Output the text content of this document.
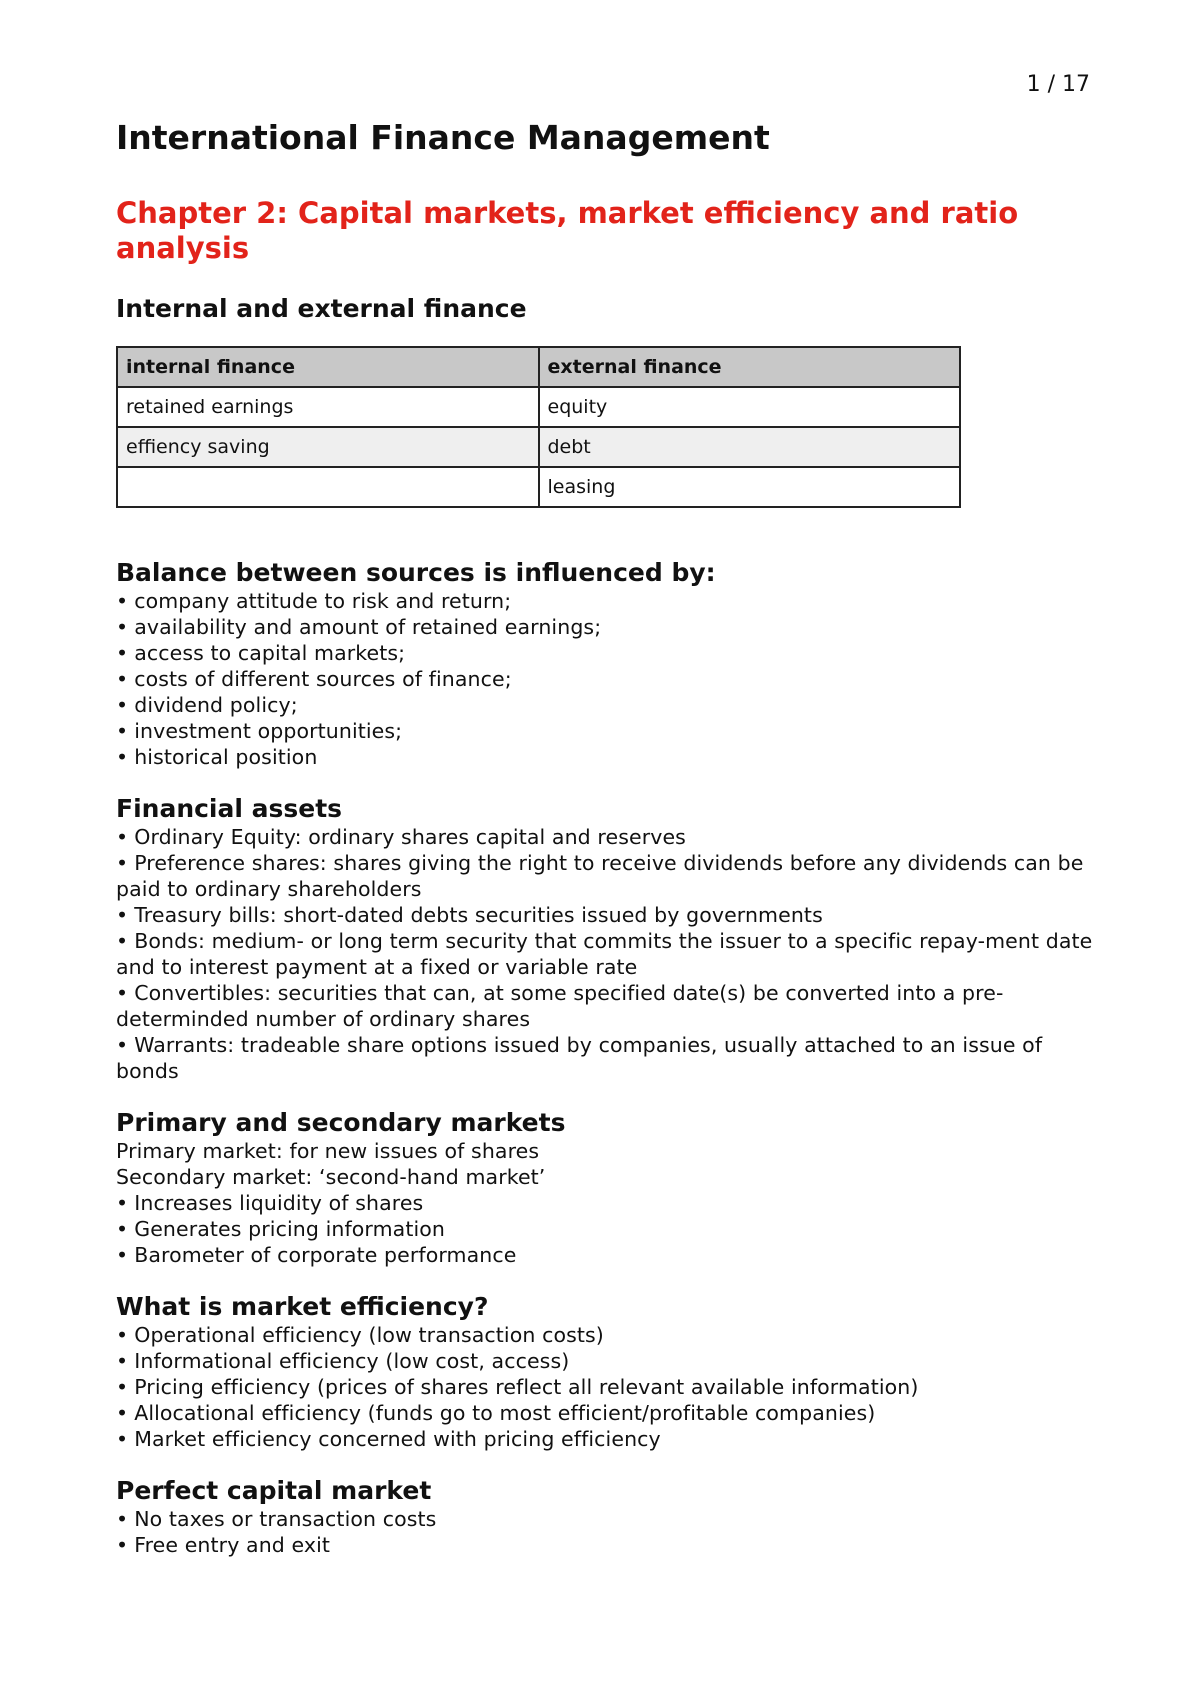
1 / 17
International Finance Management
Chapter 2: Capital markets, market efficiency and ratio analysis
Internal and external finance
internal finance	external finance
retained earnings	equity
effiency saving	debt
	leasing
Balance between sources is influenced by:
• company attitude to risk and return;
• availability and amount of retained earnings;
• access to capital markets;
• costs of different sources of finance;
• dividend policy;
• investment opportunities;
• historical position
Financial assets
• Ordinary Equity: ordinary shares capital and reserves
• Preference shares: shares giving the right to receive dividends before any dividends can be paid to ordinary shareholders
• Treasury bills: short-dated debts securities issued by governments
• Bonds: medium- or long term security that commits the issuer to a specific repay-ment date and to interest payment at a fixed or variable rate
• Convertibles: securities that can, at some specified date(s) be converted into a pre-determinded number of ordinary shares
• Warrants: tradeable share options issued by companies, usually attached to an issue of bonds
Primary and secondary markets
Primary market: for new issues of shares
Secondary market: ‘second-hand market’
• Increases liquidity of shares
• Generates pricing information
• Barometer of corporate performance
What is market efficiency?
• Operational efficiency (low transaction costs)
• Informational efficiency (low cost, access)
• Pricing efficiency (prices of shares reflect all relevant available information)
• Allocational efficiency (funds go to most efficient/profitable companies)
• Market efficiency concerned with pricing efficiency
Perfect capital market
• No taxes or transaction costs
• Free entry and exit
